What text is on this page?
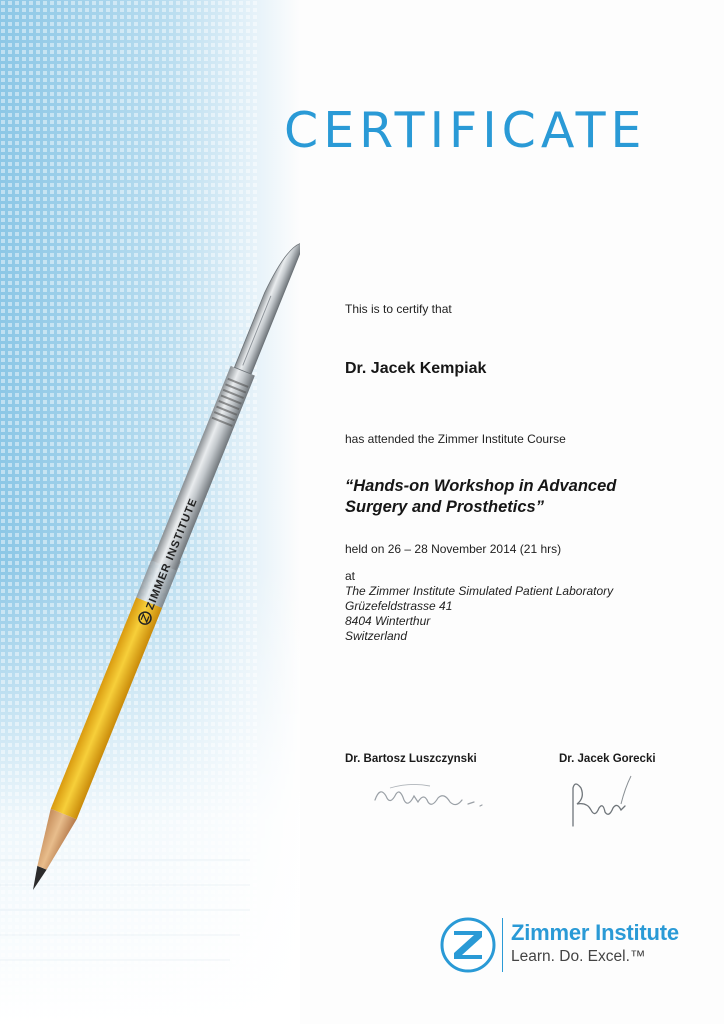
ZIMMER INSTITUTE
CERTIFICATE
This is to certify that
Dr. Jacek Kempiak
has attended the Zimmer Institute Course
“Hands-on Workshop in Advanced
Surgery and Prosthetics”
held on 26 – 28 November 2014 (21 hrs)
at
The Zimmer Institute Simulated Patient Laboratory
Grüzefeldstrasse 41
8404 Winterthur
Switzerland
Dr. Bartosz Luszczynski	Dr. Jacek Gorecki
Zimmer Institute
Learn. Do. Excel.™
